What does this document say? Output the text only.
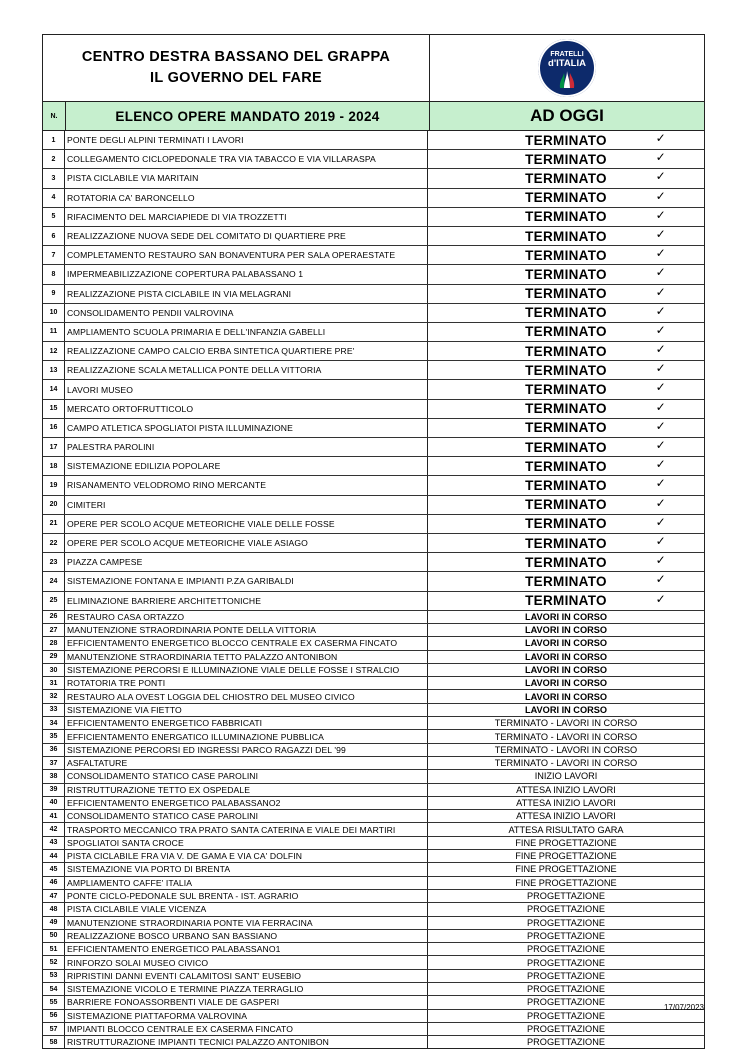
CENTRO DESTRA BASSANO DEL GRAPPA
IL GOVERNO DEL FARE
FRATELLI
d'ITALIA
N.	ELENCO OPERE MANDATO 2019 - 2024	AD OGGI
1	PONTE DEGLI ALPINI TERMINATI I LAVORI	TERMINATO	✓
2	COLLEGAMENTO CICLOPEDONALE TRA VIA TABACCO E VIA VILLARASPA	TERMINATO	✓
3	PISTA CICLABILE VIA MARITAIN	TERMINATO	✓
4	ROTATORIA CA' BARONCELLO	TERMINATO	✓
5	RIFACIMENTO DEL MARCIAPIEDE DI VIA TROZZETTI	TERMINATO	✓
6	REALIZZAZIONE NUOVA SEDE DEL COMITATO DI QUARTIERE PRE	TERMINATO	✓
7	COMPLETAMENTO RESTAURO SAN BONAVENTURA PER SALA OPERAESTATE	TERMINATO	✓
8	IMPERMEABILIZZAZIONE COPERTURA PALABASSANO 1	TERMINATO	✓
9	REALIZZAZIONE PISTA CICLABILE IN VIA MELAGRANI	TERMINATO	✓
10	CONSOLIDAMENTO PENDII VALROVINA	TERMINATO	✓
11	AMPLIAMENTO SCUOLA PRIMARIA E DELL'INFANZIA GABELLI	TERMINATO	✓
12	REALIZZAZIONE CAMPO CALCIO ERBA SINTETICA QUARTIERE PRE'	TERMINATO	✓
13	REALIZZAZIONE SCALA METALLICA PONTE DELLA VITTORIA	TERMINATO	✓
14	LAVORI MUSEO	TERMINATO	✓
15	MERCATO ORTOFRUTTICOLO	TERMINATO	✓
16	CAMPO ATLETICA SPOGLIATOI PISTA ILLUMINAZIONE	TERMINATO	✓
17	PALESTRA PAROLINI	TERMINATO	✓
18	SISTEMAZIONE EDILIZIA POPOLARE	TERMINATO	✓
19	RISANAMENTO VELODROMO RINO MERCANTE	TERMINATO	✓
20	CIMITERI	TERMINATO	✓
21	OPERE PER SCOLO ACQUE METEORICHE VIALE DELLE FOSSE	TERMINATO	✓
22	OPERE PER SCOLO ACQUE METEORICHE VIALE ASIAGO	TERMINATO	✓
23	PIAZZA CAMPESE	TERMINATO	✓
24	SISTEMAZIONE FONTANA E IMPIANTI P.ZA GARIBALDI	TERMINATO	✓
25	ELIMINAZIONE BARRIERE ARCHITETTONICHE	TERMINATO	✓
26	RESTAURO CASA ORTAZZO	LAVORI IN CORSO
27	MANUTENZIONE STRAORDINARIA PONTE DELLA VITTORIA	LAVORI IN CORSO
28	EFFICIENTAMENTO ENERGETICO BLOCCO CENTRALE EX CASERMA FINCATO	LAVORI IN CORSO
29	MANUTENZIONE STRAORDINARIA TETTO PALAZZO ANTONIBON	LAVORI IN CORSO
30	SISTEMAZIONE PERCORSI E ILLUMINAZIONE VIALE DELLE FOSSE I STRALCIO	LAVORI IN CORSO
31	ROTATORIA TRE PONTI	LAVORI IN CORSO
32	RESTAURO ALA OVEST LOGGIA DEL CHIOSTRO DEL MUSEO CIVICO	LAVORI IN CORSO
33	SISTEMAZIONE VIA FIETTO	LAVORI IN CORSO
34	EFFICIENTAMENTO ENERGETICO FABBRICATI	TERMINATO - LAVORI IN CORSO
35	EFFICIENTAMENTO ENERGATICO ILLUMINAZIONE PUBBLICA	TERMINATO - LAVORI IN CORSO
36	SISTEMAZIONE PERCORSI ED INGRESSI PARCO RAGAZZI DEL '99	TERMINATO - LAVORI IN CORSO
37	ASFALTATURE	TERMINATO - LAVORI IN CORSO
38	CONSOLIDAMENTO STATICO CASE PAROLINI	INIZIO LAVORI
39	RISTRUTTURAZIONE TETTO EX OSPEDALE	ATTESA INIZIO LAVORI
40	EFFICIENTAMENTO ENERGETICO PALABASSANO2	ATTESA INIZIO LAVORI
41	CONSOLIDAMENTO STATICO CASE PAROLINI	ATTESA INIZIO LAVORI
42	TRASPORTO MECCANICO TRA PRATO SANTA CATERINA E VIALE DEI MARTIRI	ATTESA RISULTATO GARA
43	SPOGLIATOI SANTA CROCE	FINE PROGETTAZIONE
44	PISTA CICLABILE FRA VIA V. DE GAMA E VIA CA' DOLFIN	FINE PROGETTAZIONE
45	SISTEMAZIONE VIA PORTO DI BRENTA	FINE PROGETTAZIONE
46	AMPLIAMENTO CAFFE' ITALIA	FINE PROGETTAZIONE
47	PONTE CICLO-PEDONALE SUL BRENTA - IST. AGRARIO	PROGETTAZIONE
48	PISTA CICLABILE VIALE VICENZA	PROGETTAZIONE
49	MANUTENZIONE STRAORDINARIA PONTE VIA FERRACINA	PROGETTAZIONE
50	REALIZZAZIONE BOSCO URBANO SAN BASSIANO	PROGETTAZIONE
51	EFFICIENTAMENTO ENERGETICO PALABASSANO1	PROGETTAZIONE
52	RINFORZO SOLAI MUSEO CIVICO	PROGETTAZIONE
53	RIPRISTINI DANNI EVENTI CALAMITOSI SANT' EUSEBIO	PROGETTAZIONE
54	SISTEMAZIONE VICOLO E TERMINE PIAZZA TERRAGLIO	PROGETTAZIONE
55	BARRIERE FONOASSORBENTI VIALE DE GASPERI	PROGETTAZIONE
56	SISTEMAZIONE PIATTAFORMA VALROVINA	PROGETTAZIONE
57	IMPIANTI BLOCCO CENTRALE EX CASERMA FINCATO	PROGETTAZIONE
58	RISTRUTTURAZIONE IMPIANTI TECNICI PALAZZO ANTONIBON	PROGETTAZIONE
17/07/2023
